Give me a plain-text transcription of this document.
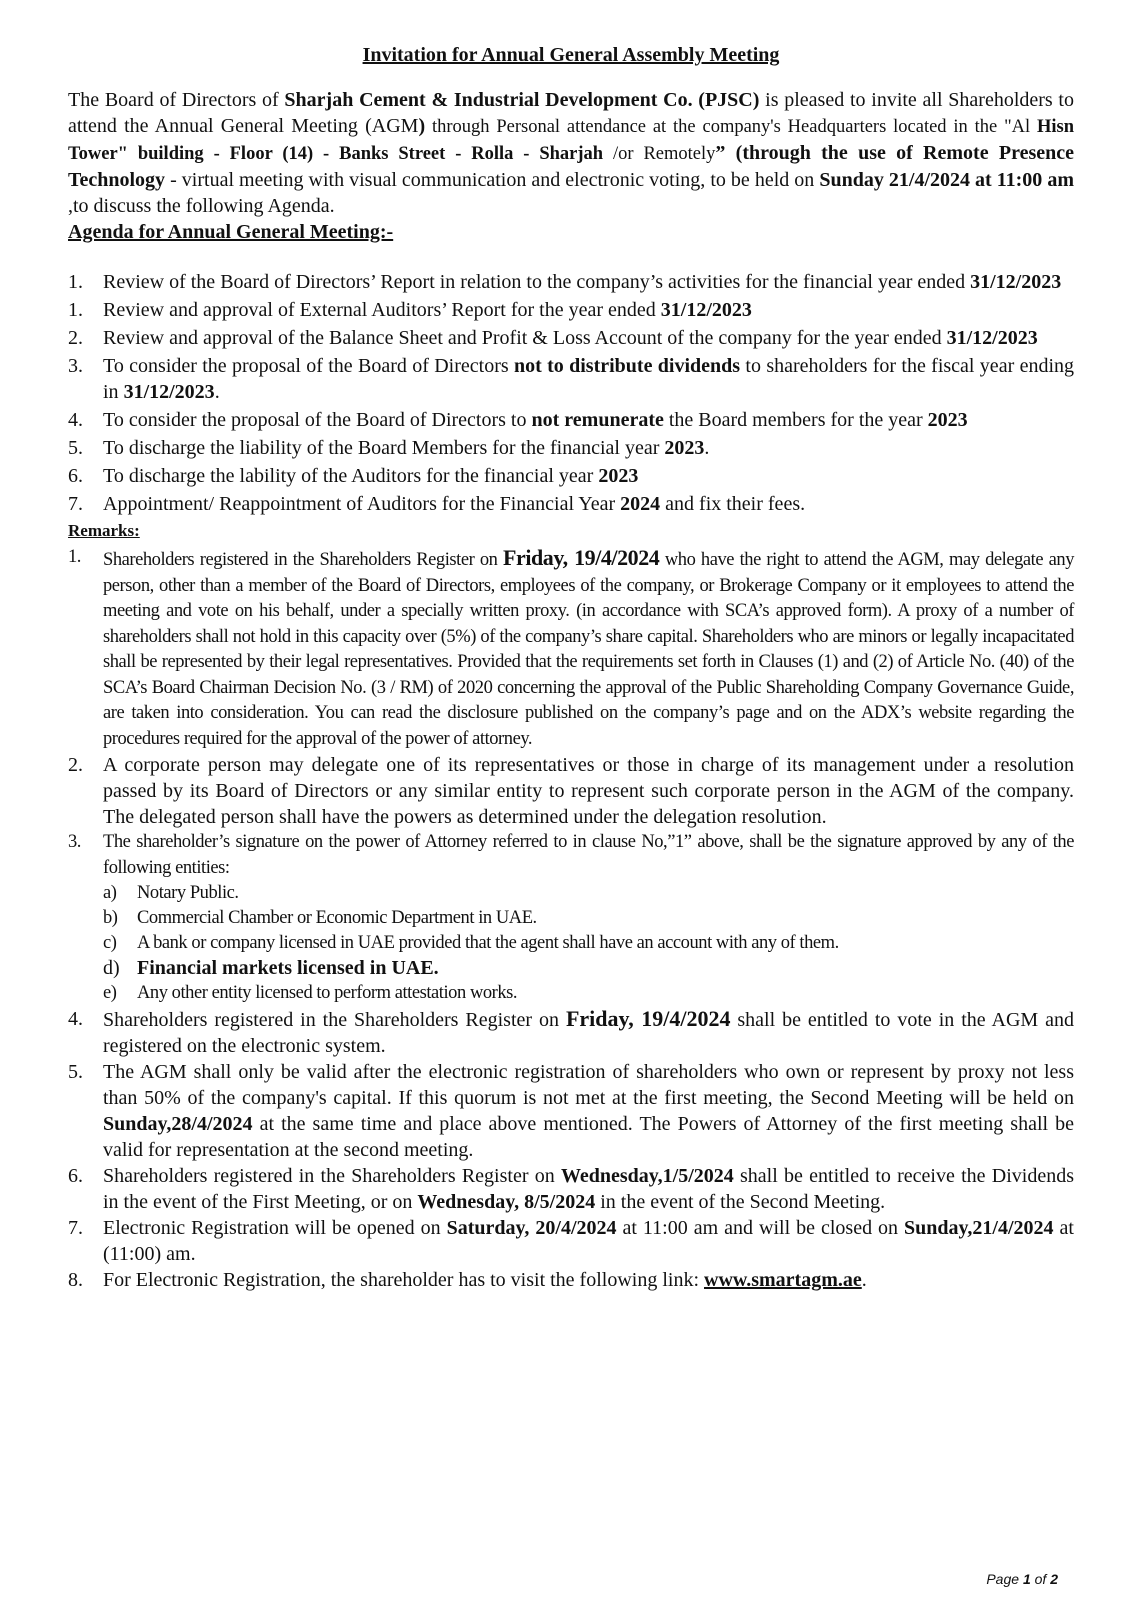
Invitation for Annual General Assembly Meeting

The Board of Directors of Sharjah Cement & Industrial Development Co. (PJSC) is pleased to invite all Shareholders to attend the Annual General Meeting (AGM) through Personal attendance at the company's Headquarters located in the "Al Hisn Tower" building - Floor (14) - Banks Street - Rolla - Sharjah /or Remotely” (through the use of Remote Presence Technology - virtual meeting with visual communication and electronic voting, to be held on Sunday 21/4/2024 at 11:00 am ,to discuss the following Agenda.

Agenda for Annual General Meeting:-

1. Review of the Board of Directors’ Report in relation to the company’s activities for the financial year ended 31/12/2023
1. Review and approval of External Auditors’ Report for the year ended 31/12/2023
2. Review and approval of the Balance Sheet and Profit & Loss Account of the company for the year ended 31/12/2023
3. To consider the proposal of the Board of Directors not to distribute dividends to shareholders for the fiscal year ending in 31/12/2023.
4. To consider the proposal of the Board of Directors to not remunerate the Board members for the year 2023
5. To discharge the liability of the Board Members for the financial year 2023.
6. To discharge the lability of the Auditors for the financial year 2023
7. Appointment/ Reappointment of Auditors for the Financial Year 2024 and fix their fees.

Remarks:

1. Shareholders registered in the Shareholders Register on Friday, 19/4/2024 who have the right to attend the AGM, may delegate any person, other than a member of the Board of Directors, employees of the company, or Brokerage Company or it employees to attend the meeting and vote on his behalf, under a specially written proxy. (in accordance with SCA’s approved form). A proxy of a number of shareholders shall not hold in this capacity over (5%) of the company’s share capital. Shareholders who are minors or legally incapacitated shall be represented by their legal representatives. Provided that the requirements set forth in Clauses (1) and (2) of Article No. (40) of the SCA’s Board Chairman Decision No. (3 / RM) of 2020 concerning the approval of the Public Shareholding Company Governance Guide, are taken into consideration. You can read the disclosure published on the company’s page and on the ADX’s website regarding the procedures required for the approval of the power of attorney.
2. A corporate person may delegate one of its representatives or those in charge of its management under a resolution passed by its Board of Directors or any similar entity to represent such corporate person in the AGM of the company. The delegated person shall have the powers as determined under the delegation resolution.
3. The shareholder’s signature on the power of Attorney referred to in clause No,”1” above, shall be the signature approved by any of the following entities:
a) Notary Public.
b) Commercial Chamber or Economic Department in UAE.
c) A bank or company licensed in UAE provided that the agent shall have an account with any of them.
d) Financial markets licensed in UAE.
e) Any other entity licensed to perform attestation works.
4. Shareholders registered in the Shareholders Register on Friday, 19/4/2024 shall be entitled to vote in the AGM and registered on the electronic system.
5. The AGM shall only be valid after the electronic registration of shareholders who own or represent by proxy not less than 50% of the company's capital. If this quorum is not met at the first meeting, the Second Meeting will be held on Sunday,28/4/2024 at the same time and place above mentioned. The Powers of Attorney of the first meeting shall be valid for representation at the second meeting.
6. Shareholders registered in the Shareholders Register on Wednesday,1/5/2024 shall be entitled to receive the Dividends in the event of the First Meeting, or on Wednesday, 8/5/2024 in the event of the Second Meeting.
7. Electronic Registration will be opened on Saturday, 20/4/2024 at 11:00 am and will be closed on Sunday,21/4/2024 at (11:00) am.
8. For Electronic Registration, the shareholder has to visit the following link: www.smartagm.ae.
Page 1 of 2
